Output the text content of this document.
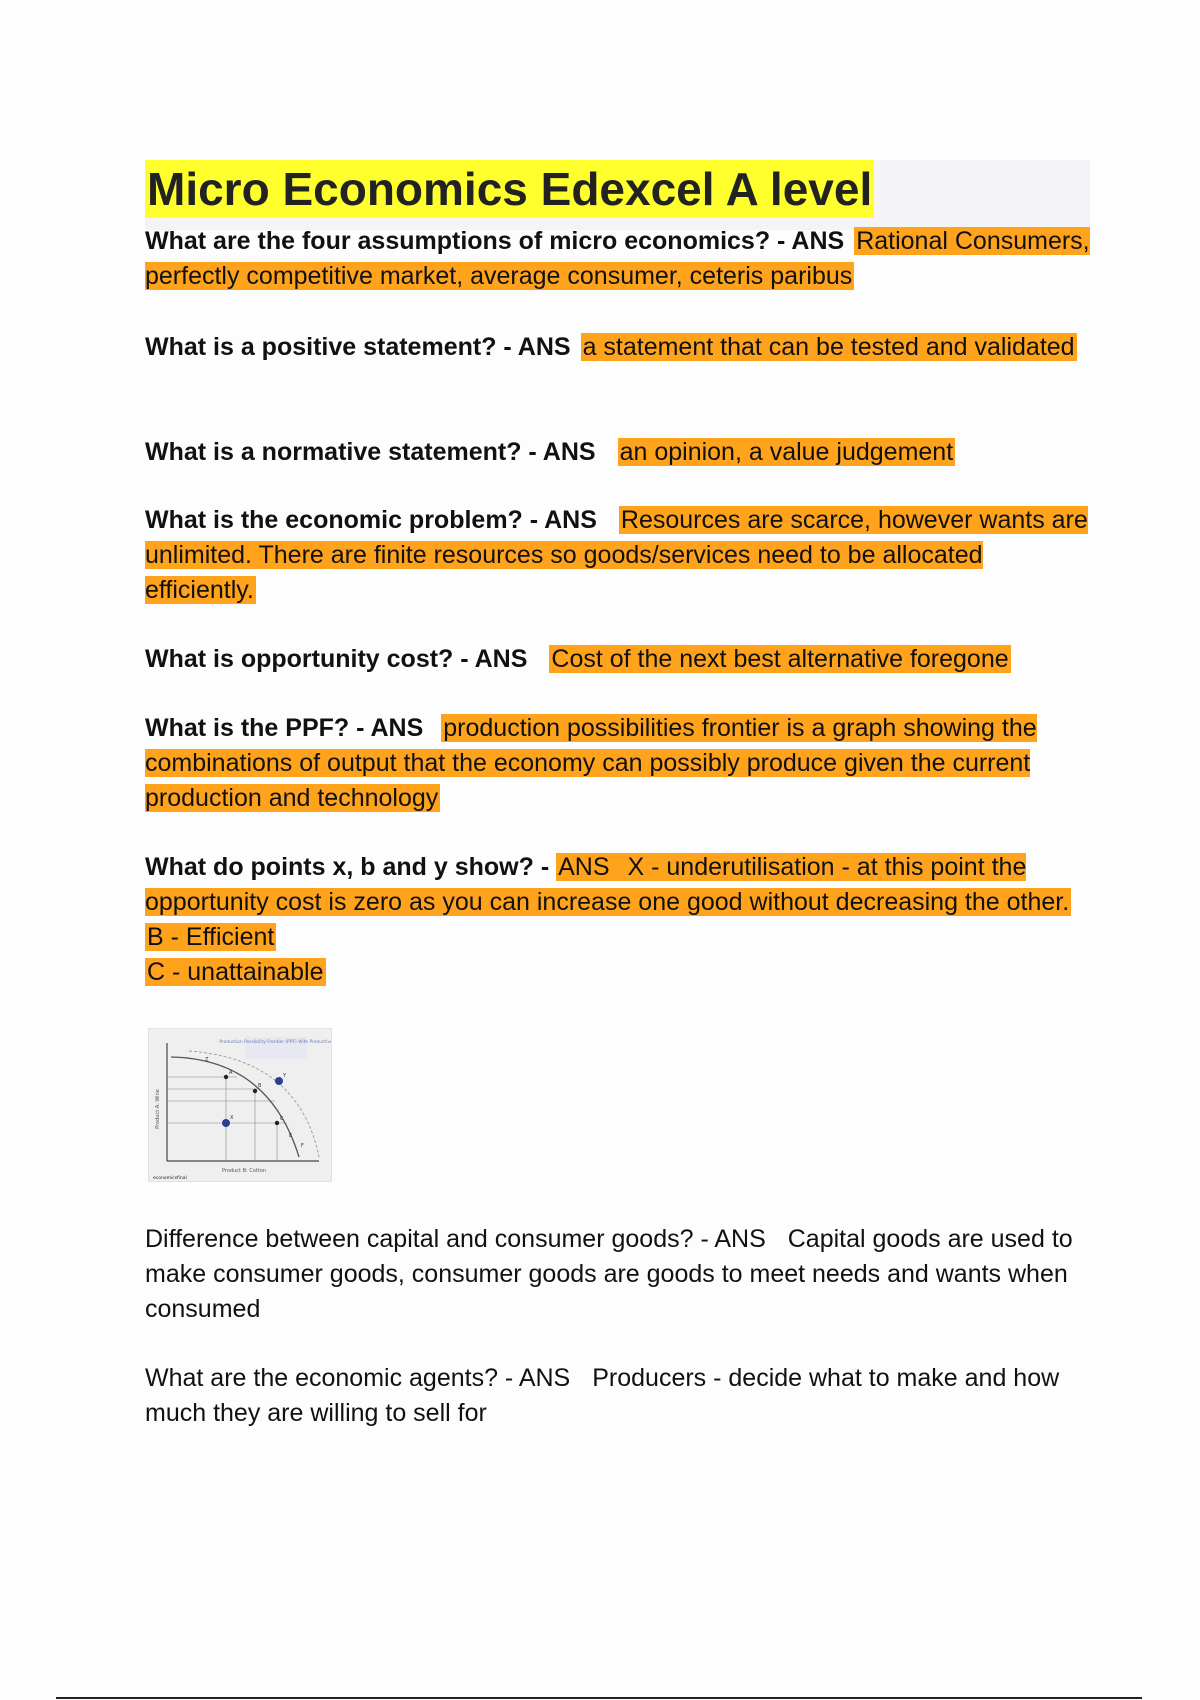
Micro Economics Edexcel A level
What are the four assumptions of micro economics? - ANS Rational Consumers, perfectly competitive market, average consumer, ceteris paribus
What is a positive statement? - ANS a statement that can be tested and validated
What is a normative statement? - ANS an opinion, a value judgement
What is the economic problem? - ANS Resources are scarce, however wants are unlimited. There are finite resources so goods/services need to be allocated efficiently.
What is opportunity cost? - ANS Cost of the next best alternative foregone
What is the PPF? - ANS production possibilities frontier is a graph showing the combinations of output that the economy can possibly produce given the current production and technology
What do points x, b and y show? - ANS X - underutilisation - at this point the opportunity cost is zero as you can increase one good without decreasing the other.
B - Efficient
C - unattainable
Production Possibility Frontier (PPF) With Productive
Product B: Cotton
Product A: Wine
A
B
C
X
Y
Z
E
F
economicsfinal
Difference between capital and consumer goods? - ANS Capital goods are used to make consumer goods, consumer goods are goods to meet needs and wants when consumed
What are the economic agents? - ANS Producers - decide what to make and how much they are willing to sell for
